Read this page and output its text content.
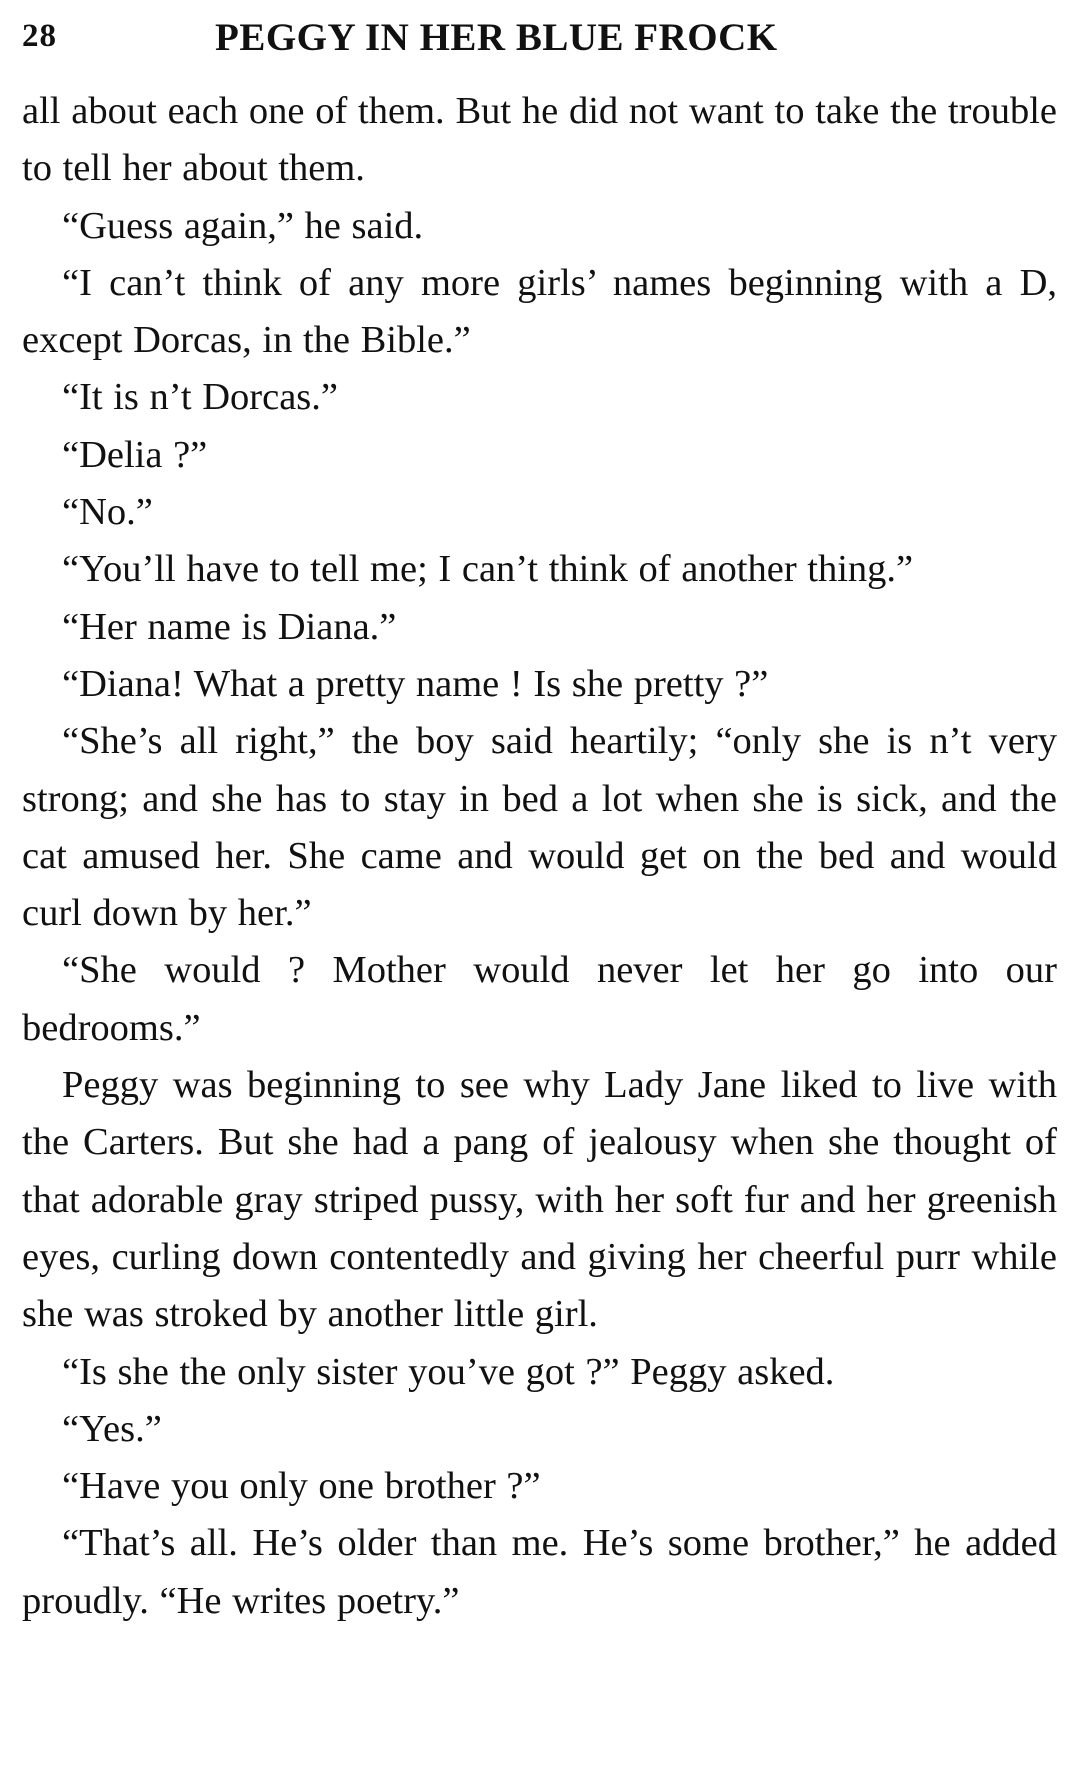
28	PEGGY IN HER BLUE FROCK

all about each one of them. But he did not want to take the trouble to tell her about them.

“Guess again,” he said.

“I can’t think of any more girls’ names beginning with a D, except Dorcas, in the Bible.”

“It is n’t Dorcas.”

“Delia ?”

“No.”

“You’ll have to tell me; I can’t think of another thing.”

“Her name is Diana.”

“Diana! What a pretty name ! Is she pretty ?”

“She’s all right,” the boy said heartily; “only she is n’t very strong; and she has to stay in bed a lot when she is sick, and the cat amused her. She came and would get on the bed and would curl down by her.”

“She would ? Mother would never let her go into our bedrooms.”

Peggy was beginning to see why Lady Jane liked to live with the Carters. But she had a pang of jealousy when she thought of that adorable gray striped pussy, with her soft fur and her greenish eyes, curling down contentedly and giving her cheerful purr while she was stroked by another little girl.

“Is she the only sister you’ve got ?” Peggy asked.

“Yes.”

“Have you only one brother ?”

“That’s all. He’s older than me. He’s some brother,” he added proudly. “He writes poetry.”
